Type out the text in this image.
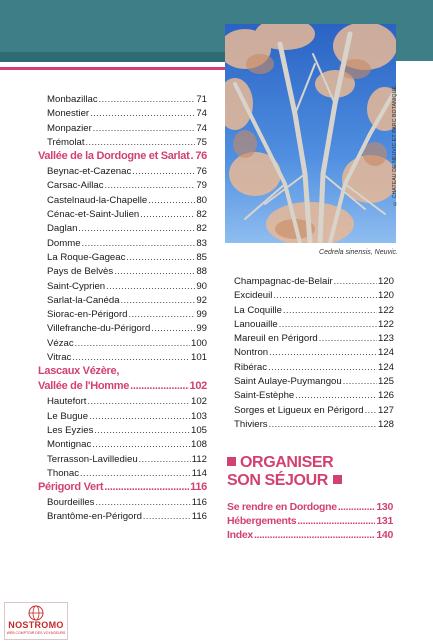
© CHATEAU DE NEUVIC ET PARC BOTANIQUE
Cedrela sinensis, Neuvic.
Monbazillac .....	71
Monestier .....	74
Monpazier .....	74
Trémolat .....	75
Vallée de la Dordogne et Sarlat ..... 76
Beynac-et-Cazenac .....	76
Carsac-Aillac .....	79
Castelnaud-la-Chapelle .....	80
Cénac-et-Saint-Julien .....	82
Daglan .....	82
Domme .....	83
La Roque-Gageac .....	85
Pays de Belvès .....	88
Saint-Cyprien .....	90
Sarlat-la-Canéda .....	92
Siorac-en-Périgord .....	99
Villefranche-du-Périgord .....	99
Vézac .....	100
Vitrac .....	101
Lascaux Vézère,
Vallée de l'Homme .....	102
Hautefort .....	102
Le Bugue .....	103
Les Eyzies .....	105
Montignac .....	108
Terrasson-Lavilledieu .....	112
Thonac .....	114
Périgord Vert .....	116
Bourdeilles .....	116
Brantôme-en-Périgord .....	116
Champagnac-de-Belair .....	120
Excideuil .....	120
La Coquille .....	122
Lanouaille .....	122
Mareuil en Périgord .....	123
Nontron .....	124
Ribérac .....	124
Saint Aulaye-Puymangou .....	125
Saint-Estèphe .....	126
Sorges et Ligueux en Périgord ..... 127
Thiviers .....	128
ORGANISER
SON SÉJOUR
Se rendre en Dordogne .....	130
Hébergements .....	131
Index .....	140
NOSTROMO
WEB COMPTOIR DES VOYAGEURS
